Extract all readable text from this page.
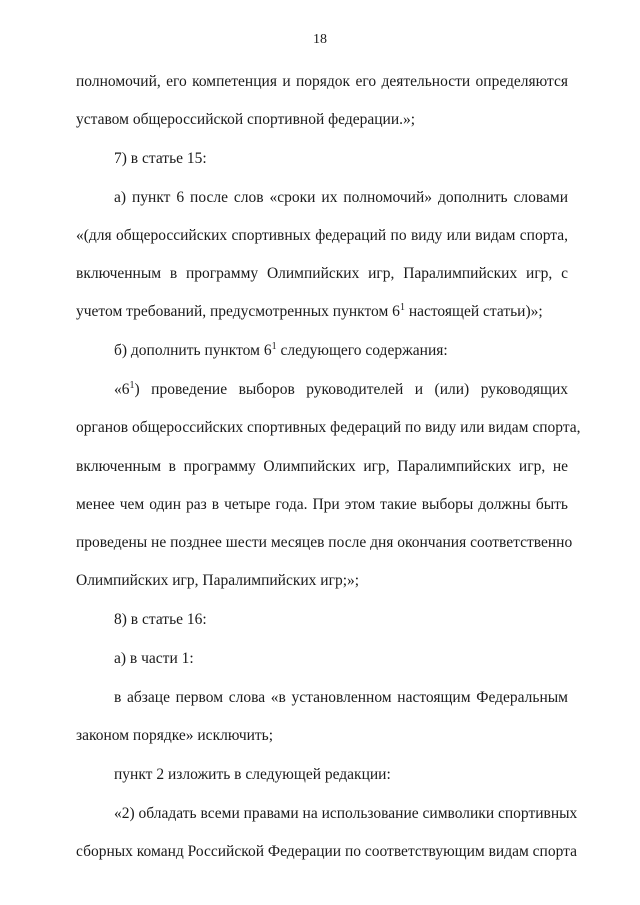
18
полномочий, его компетенция и порядок его деятельности определяются
уставом общероссийской спортивной федерации.»;
7) в статье 15:
а) пункт 6 после слов «сроки их полномочий» дополнить словами
«(для общероссийских спортивных федераций по виду или видам спорта,
включенным в программу Олимпийских игр, Паралимпийских игр, с
учетом требований, предусмотренных пунктом $6^1$ настоящей статьи)»;
б) дополнить пунктом $6^1$ следующего содержания:
«$6^1$) проведение выборов руководителей и (или) руководящих
органов общероссийских спортивных федераций по виду или видам спорта,
включенным в программу Олимпийских игр, Паралимпийских игр, не
менее чем один раз в четыре года. При этом такие выборы должны быть
проведены не позднее шести месяцев после дня окончания соответственно
Олимпийских игр, Паралимпийских игр;»;
8) в статье 16:
а) в части 1:
в абзаце первом слова «в установленном настоящим Федеральным
законом порядке» исключить;
пункт 2 изложить в следующей редакции:
«2) обладать всеми правами на использование символики спортивных
сборных команд Российской Федерации по соответствующим видам спорта
